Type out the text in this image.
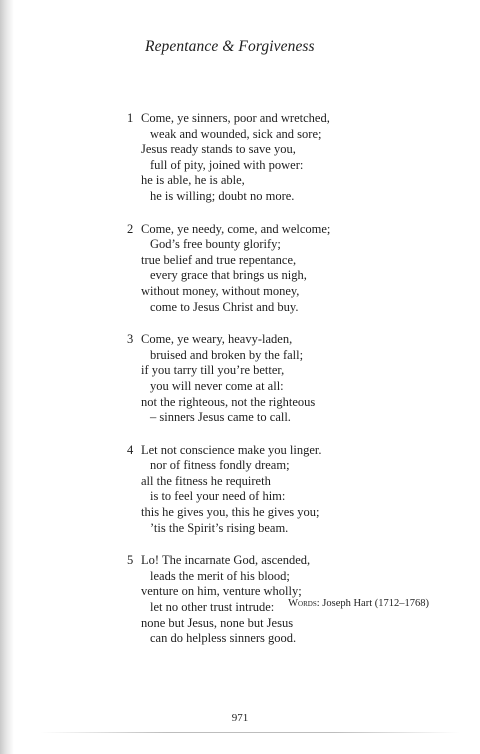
Repentance & Forgiveness
1 Come, ye sinners, poor and wretched,
weak and wounded, sick and sore;
Jesus ready stands to save you,
full of pity, joined with power:
he is able, he is able,
he is willing; doubt no more.
2 Come, ye needy, come, and welcome;
God’s free bounty glorify;
true belief and true repentance,
every grace that brings us nigh,
without money, without money,
come to Jesus Christ and buy.
3 Come, ye weary, heavy-laden,
bruised and broken by the fall;
if you tarry till you’re better,
you will never come at all:
not the righteous, not the righteous
– sinners Jesus came to call.
4 Let not conscience make you linger.
nor of fitness fondly dream;
all the fitness he requireth
is to feel your need of him:
this he gives you, this he gives you;
’tis the Spirit’s rising beam.
5 Lo! The incarnate God, ascended,
leads the merit of his blood;
venture on him, venture wholly;
let no other trust intrude:
none but Jesus, none but Jesus
can do helpless sinners good.
Words: Joseph Hart (1712–1768)
971
